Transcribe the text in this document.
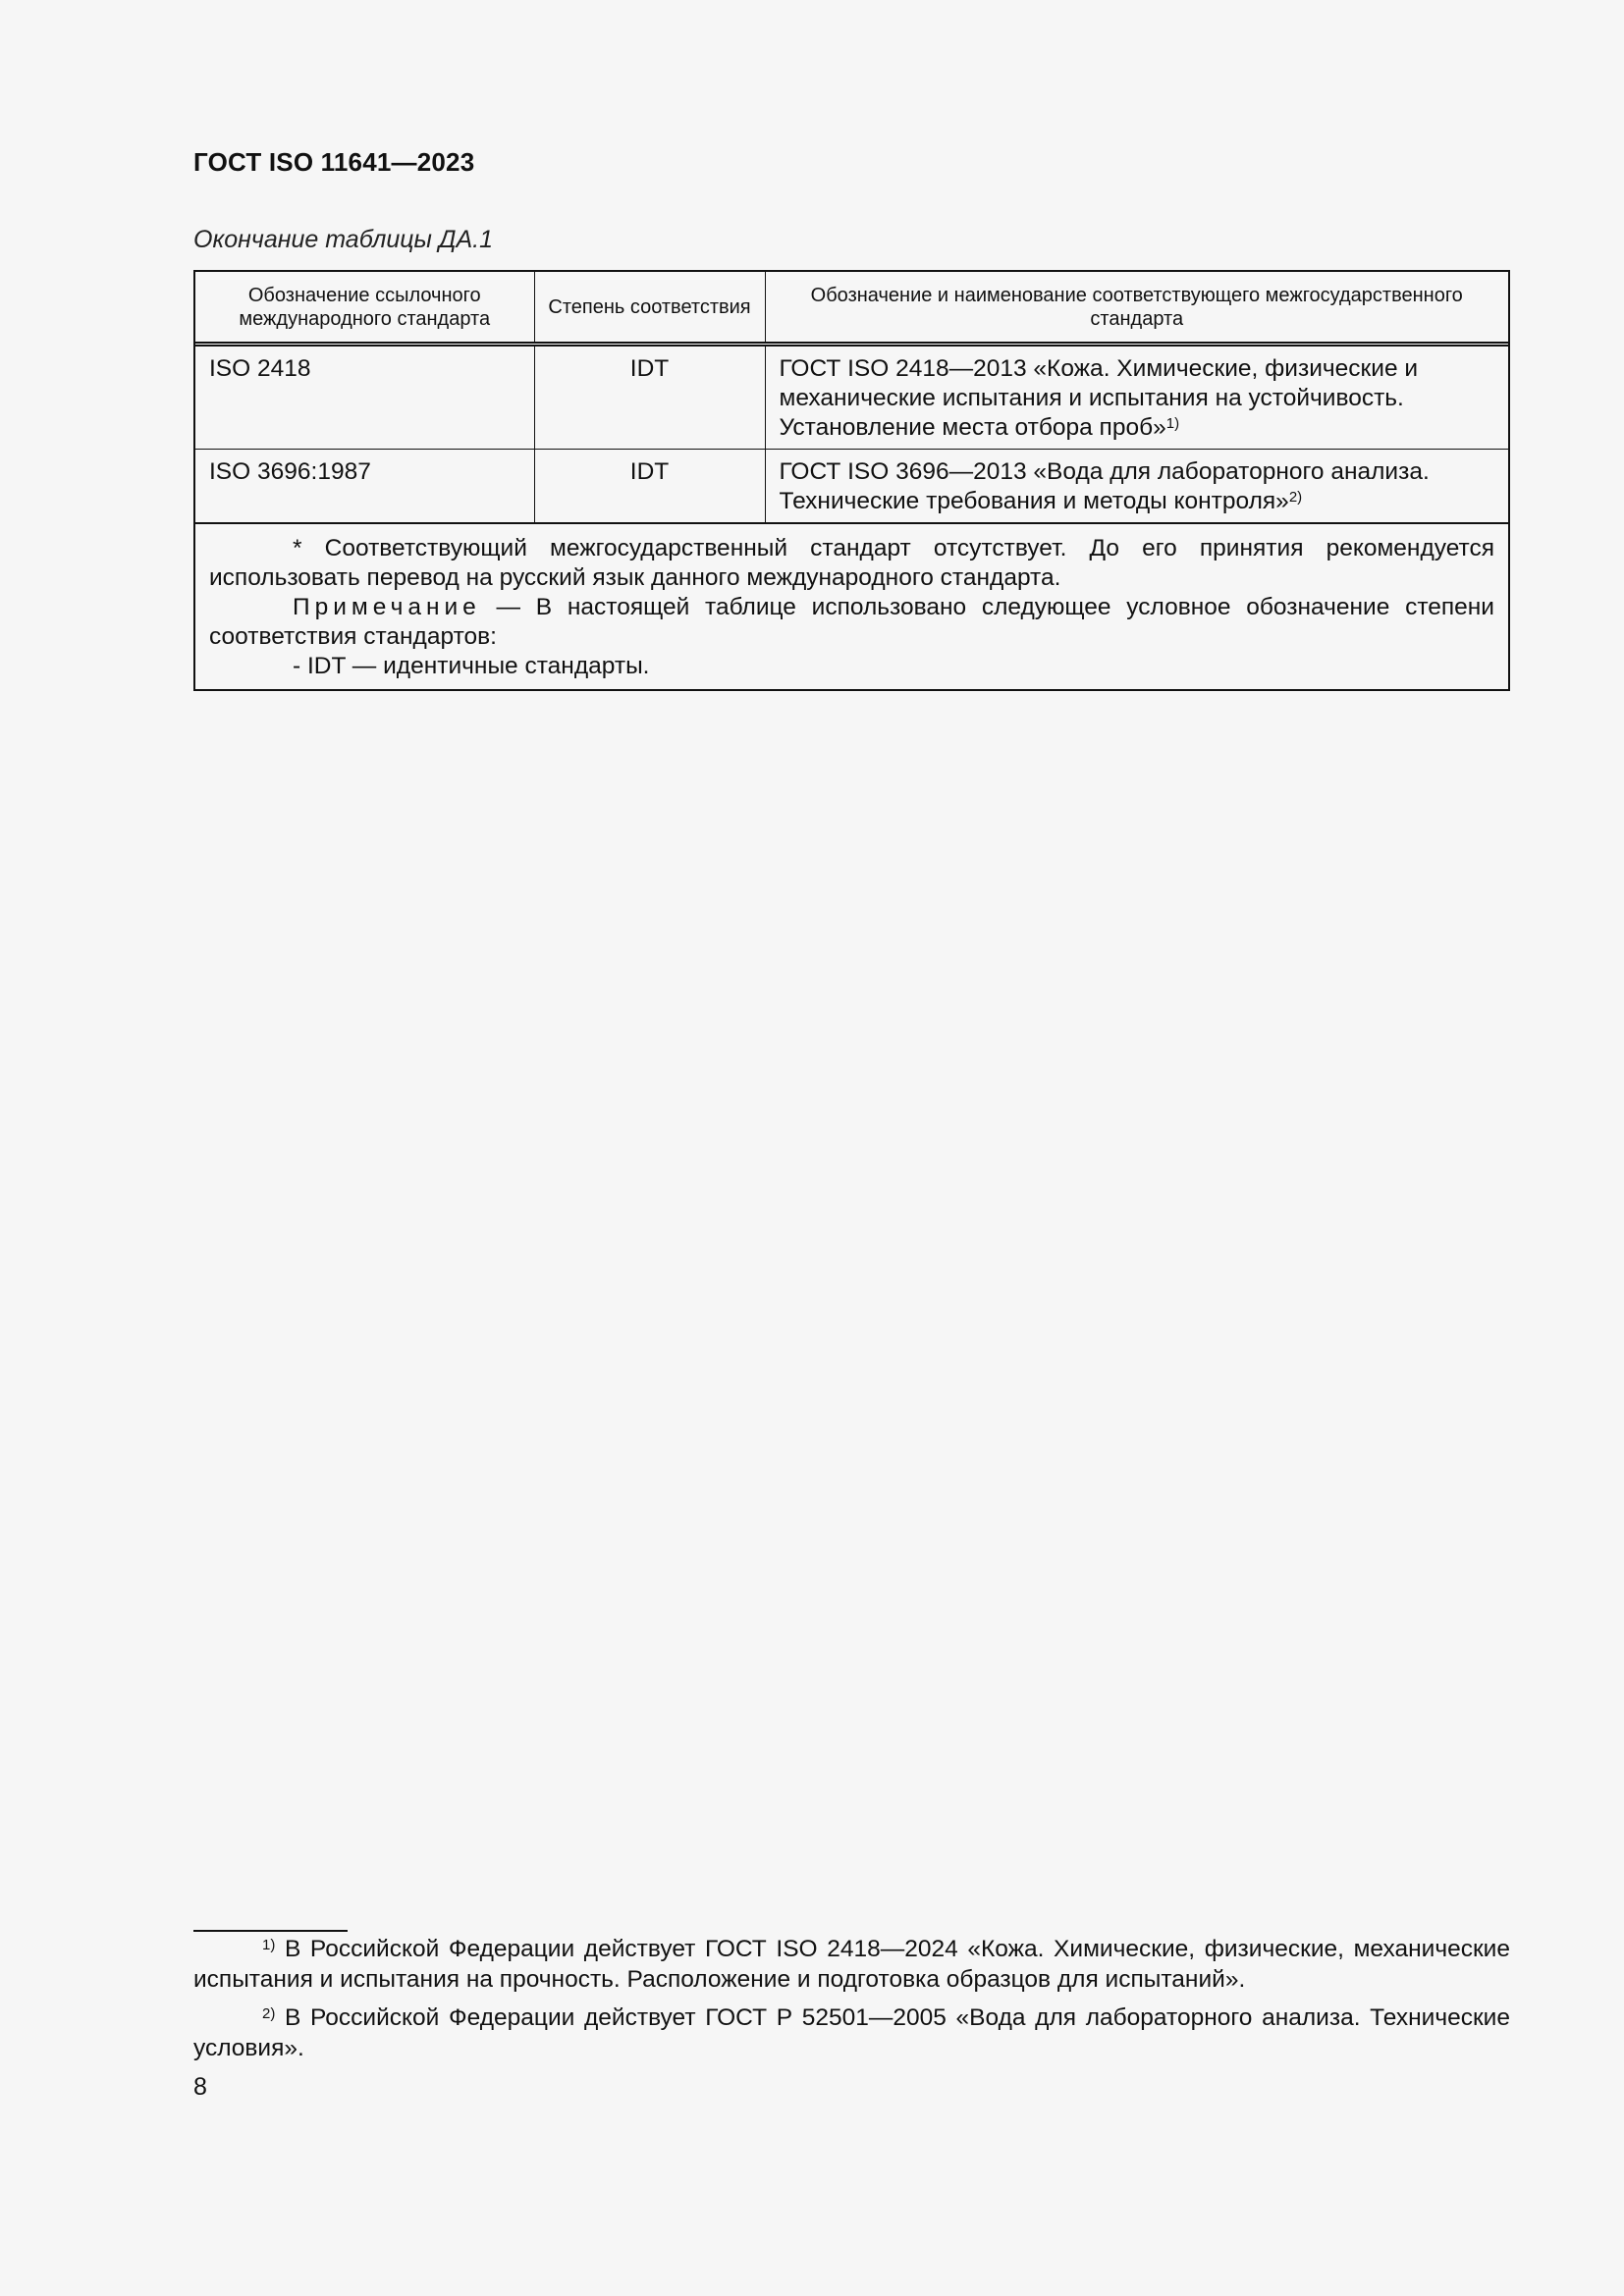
ГОСТ ISO 11641—2023
Окончание таблицы ДА.1
Обозначение ссылочного международного стандарта	Степень соответствия	Обозначение и наименование соответствующего межгосударственного стандарта
ISO 2418	IDT	ГОСТ ISO 2418—2013 «Кожа. Химические, физические и механические испытания и испытания на устойчивость. Установление места отбора проб»$^{1)}$
ISO 3696:1987	IDT	ГОСТ ISO 3696—2013 «Вода для лабораторного анализа. Технические требования и методы контроля»$^{2)}$

* Соответствующий межгосударственный стандарт отсутствует. До его принятия рекомендуется использовать перевод на русский язык данного международного стандарта.
Примечание — В настоящей таблице использовано следующее условное обозначение степени соответствия стандартов:
- IDT — идентичные стандарты.		

$^{1)}$ В Российской Федерации действует ГОСТ ISO 2418—2024 «Кожа. Химические, физические, механические испытания и испытания на прочность. Расположение и подготовка образцов для испытаний».

$^{2)}$ В Российской Федерации действует ГОСТ Р 52501—2005 «Вода для лабораторного анализа. Технические условия».

8
